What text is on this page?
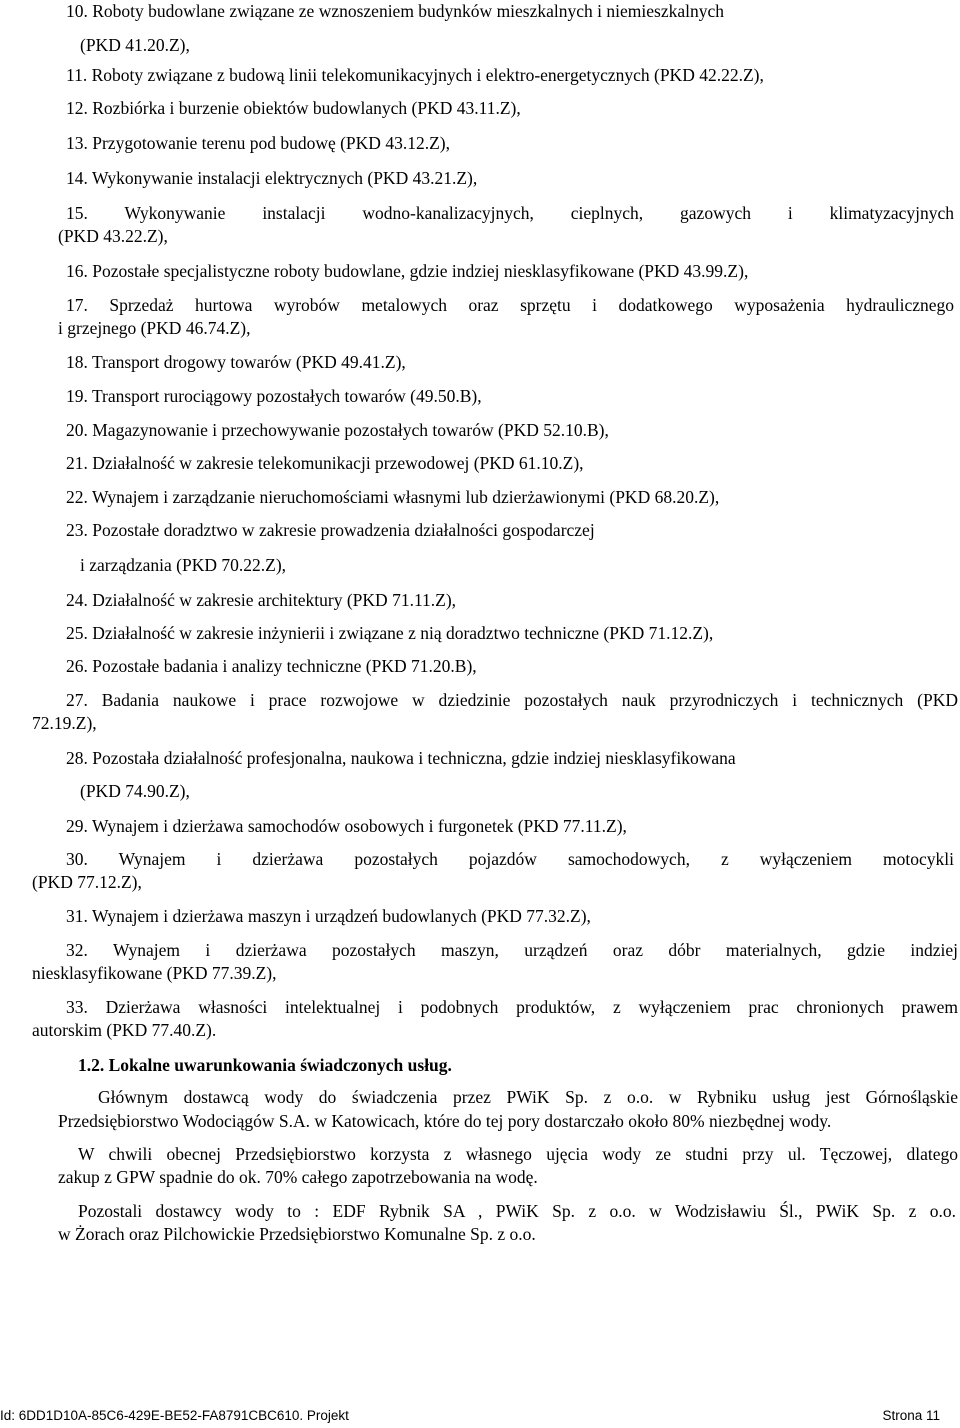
10. Roboty budowlane związane ze wznoszeniem budynków mieszkalnych i niemieszkalnych
(PKD 41.20.Z),
11. Roboty związane z budową linii telekomunikacyjnych i elektro-energetycznych (PKD 42.22.Z),
12. Rozbiórka i burzenie obiektów budowlanych (PKD 43.11.Z),
13. Przygotowanie terenu pod budowę (PKD 43.12.Z),
14. Wykonywanie instalacji elektrycznych (PKD 43.21.Z),
15. Wykonywanie instalacji wodno-kanalizacyjnych, cieplnych, gazowych i klimatyzacyjnych
(PKD 43.22.Z),
16. Pozostałe specjalistyczne roboty budowlane, gdzie indziej niesklasyfikowane (PKD 43.99.Z),
17. Sprzedaż hurtowa wyrobów metalowych oraz sprzętu i dodatkowego wyposażenia hydraulicznego
i grzejnego (PKD 46.74.Z),
18. Transport drogowy towarów (PKD 49.41.Z),
19. Transport rurociągowy pozostałych towarów (49.50.B),
20. Magazynowanie i przechowywanie pozostałych towarów (PKD 52.10.B),
21. Działalność w zakresie telekomunikacji przewodowej (PKD 61.10.Z),
22. Wynajem i zarządzanie nieruchomościami własnymi lub dzierżawionymi (PKD 68.20.Z),
23. Pozostałe doradztwo w zakresie prowadzenia działalności gospodarczej
i zarządzania (PKD 70.22.Z),
24. Działalność w zakresie architektury (PKD 71.11.Z),
25. Działalność w zakresie inżynierii i związane z nią doradztwo techniczne (PKD 71.12.Z),
26. Pozostałe badania i analizy techniczne (PKD 71.20.B),
27. Badania naukowe i prace rozwojowe w dziedzinie pozostałych nauk przyrodniczych i technicznych (PKD
72.19.Z),
28. Pozostała działalność profesjonalna, naukowa i techniczna, gdzie indziej niesklasyfikowana
(PKD 74.90.Z),
29. Wynajem i dzierżawa samochodów osobowych i furgonetek (PKD 77.11.Z),
30. Wynajem i dzierżawa pozostałych pojazdów samochodowych, z wyłączeniem motocykli
(PKD 77.12.Z),
31. Wynajem i dzierżawa maszyn i urządzeń budowlanych (PKD 77.32.Z),
32. Wynajem i dzierżawa pozostałych maszyn, urządzeń oraz dóbr materialnych, gdzie indziej
niesklasyfikowane (PKD 77.39.Z),
33. Dzierżawa własności intelektualnej i podobnych produktów, z wyłączeniem prac chronionych prawem
autorskim (PKD 77.40.Z).
1.2. Lokalne uwarunkowania świadczonych usług.
Głównym dostawcą wody do świadczenia przez PWiK Sp. z o.o. w Rybniku usług jest Górnośląskie
Przedsiębiorstwo Wodociągów S.A. w Katowicach, które do tej pory dostarczało około 80% niezbędnej wody.
W chwili obecnej Przedsiębiorstwo korzysta z własnego ujęcia wody ze studni przy ul. Tęczowej, dlatego
zakup z GPW spadnie do ok. 70% całego zapotrzebowania na wodę.
Pozostali dostawcy wody to : EDF Rybnik SA , PWiK Sp. z o.o. w Wodzisławiu Śl., PWiK Sp. z o.o.
w Żorach oraz Pilchowickie Przedsiębiorstwo Komunalne Sp. z o.o.
Id: 6DD1D10A-85C6-429E-BE52-FA8791CBC610. Projekt	Strona 11
